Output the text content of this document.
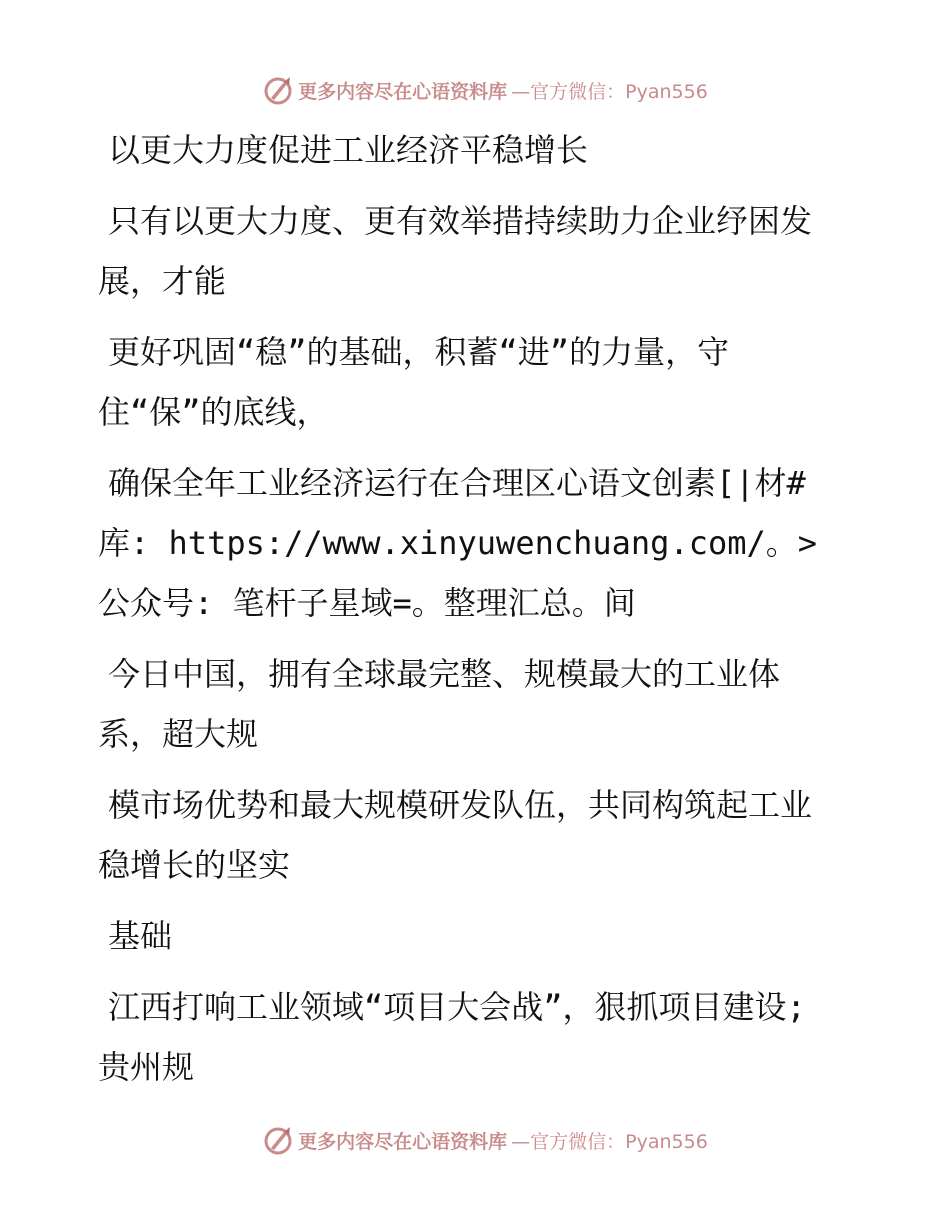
更多内容尽在心语资料库 —官方微信：Pyan556

以更大力度促进工业经济平稳增长

只有以更大力度、更有效举措持续助力企业纾困发展，才能

更好巩固“稳”的基础，积蓄“进”的力量，守住“保”的底线，

确保全年工业经济运行在合理区心语文创素[|材#库: https://www.xinyuwenchuang.com/。>公众号: 笔杆子星域=。整理汇总。间

今日中国，拥有全球最完整、规模最大的工业体系，超大规

模市场优势和最大规模研发队伍，共同构筑起工业稳增长的坚实

基础

江西打响工业领域“项目大会战”，狠抓项目建设; 贵州规

更多内容尽在心语资料库 —官方微信：Pyan556
